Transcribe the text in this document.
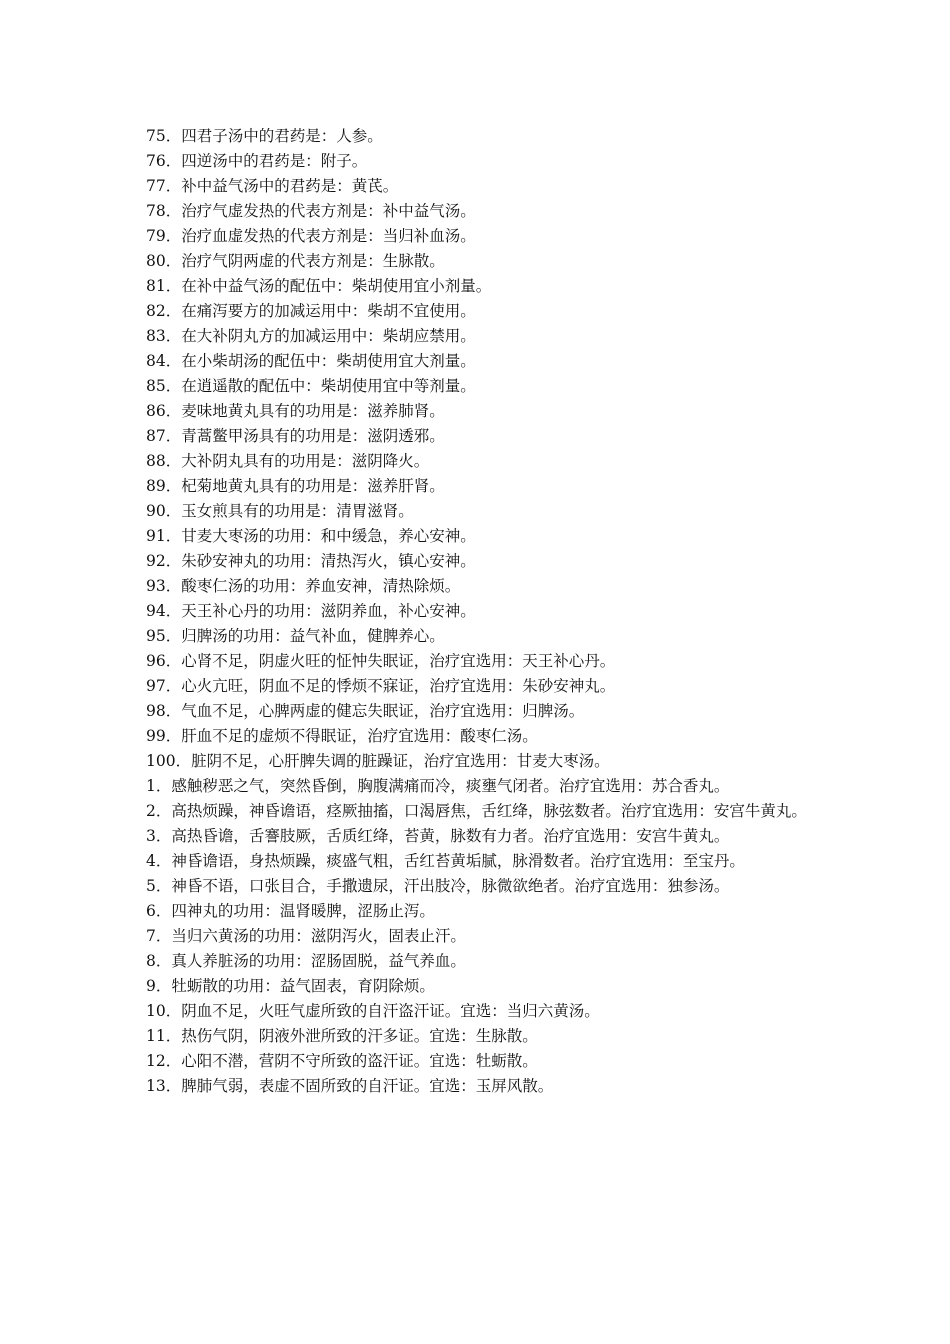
75．四君子汤中的君药是：人参。

76．四逆汤中的君药是：附子。

77．补中益气汤中的君药是：黄芪。

78．治疗气虚发热的代表方剂是：补中益气汤。

79．治疗血虚发热的代表方剂是：当归补血汤。

80．治疗气阴两虚的代表方剂是：生脉散。

81．在补中益气汤的配伍中：柴胡使用宜小剂量。

82．在痛泻要方的加减运用中：柴胡不宜使用。

83．在大补阴丸方的加减运用中：柴胡应禁用。

84．在小柴胡汤的配伍中：柴胡使用宜大剂量。

85．在逍遥散的配伍中：柴胡使用宜中等剂量。

86．麦味地黄丸具有的功用是：滋养肺肾。

87．青蒿鳖甲汤具有的功用是：滋阴透邪。

88．大补阴丸具有的功用是：滋阴降火。

89．杞菊地黄丸具有的功用是：滋养肝肾。

90．玉女煎具有的功用是：清胃滋肾。

91．甘麦大枣汤的功用：和中缓急，养心安神。

92．朱砂安神丸的功用：清热泻火，镇心安神。

93．酸枣仁汤的功用：养血安神，清热除烦。

94．天王补心丹的功用：滋阴养血，补心安神。

95．归脾汤的功用：益气补血，健脾养心。

96．心肾不足，阴虚火旺的怔忡失眠证，治疗宜选用：天王补心丹。

97．心火亢旺，阴血不足的悸烦不寐证，治疗宜选用：朱砂安神丸。

98．气血不足，心脾两虚的健忘失眠证，治疗宜选用：归脾汤。

99．肝血不足的虚烦不得眠证，治疗宜选用：酸枣仁汤。

100．脏阴不足，心肝脾失调的脏躁证，治疗宜选用：甘麦大枣汤。

1．感触秽恶之气，突然昏倒，胸腹满痛而冷，痰壅气闭者。治疗宜选用：苏合香丸。

2．高热烦躁，神昏谵语，痉厥抽搐，口渴唇焦，舌红绛，脉弦数者。治疗宜选用：安宫牛黄丸。

3．高热昏谵，舌謇肢厥，舌质红绛，苔黄，脉数有力者。治疗宜选用：安宫牛黄丸。

4．神昏谵语，身热烦躁，痰盛气粗，舌红苔黄垢腻，脉滑数者。治疗宜选用：至宝丹。

5．神昏不语，口张目合，手撒遗尿，汗出肢冷，脉微欲绝者。治疗宜选用：独参汤。

6．四神丸的功用：温肾暖脾，涩肠止泻。

7．当归六黄汤的功用：滋阴泻火，固表止汗。

8．真人养脏汤的功用：涩肠固脱，益气养血。

9．牡蛎散的功用：益气固表，育阴除烦。

10．阴血不足，火旺气虚所致的自汗盗汗证。宜选：当归六黄汤。

11．热伤气阴，阴液外泄所致的汗多证。宜选：生脉散。

12．心阳不潜，营阴不守所致的盗汗证。宜选：牡蛎散。

13．脾肺气弱，表虚不固所致的自汗证。宜选：玉屏风散。
